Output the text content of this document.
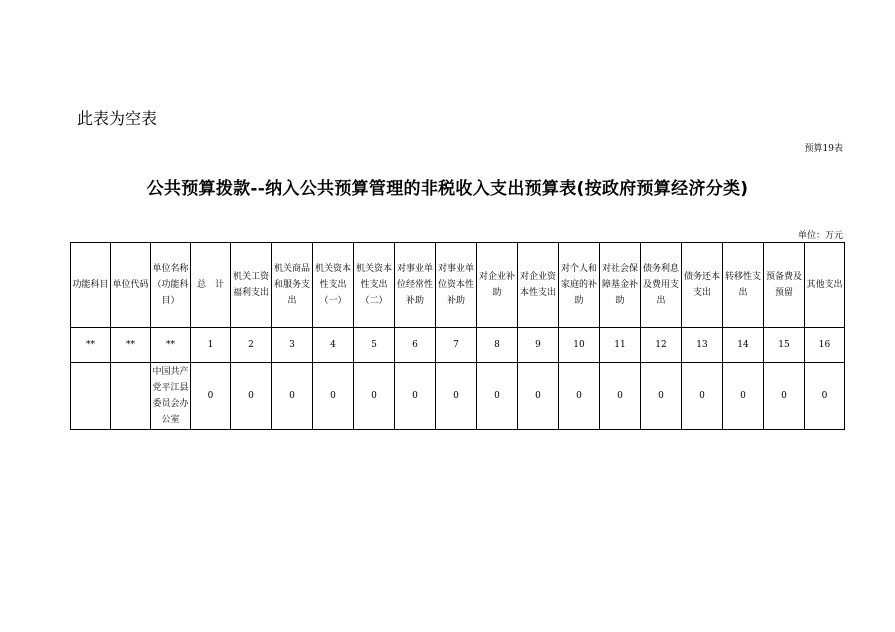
此表为空表
预算19表
公共预算拨款--纳入公共预算管理的非税收入支出预算表(按政府预算经济分类)
单位：万元
功能科目	单位代码	单位名称（功能科目）	总　计	机关工资福利支出	机关商品和服务支出	机关资本性支出（一）	机关资本性支出（二）	对事业单位经常性补助	对事业单位资本性补助	对企业补助	对企业资本性支出	对个人和家庭的补助	对社会保障基金补助	债务利息及费用支出	债务还本支出	转移性支出	预备费及预留	其他支出
**	**	**	1	2	3	4	5	6	7	8	9	10	11	12	13	14	15	16
		中国共产党平江县委员会办公室	0	0	0	0	0	0	0	0	0	0	0	0	0	0	0	0
